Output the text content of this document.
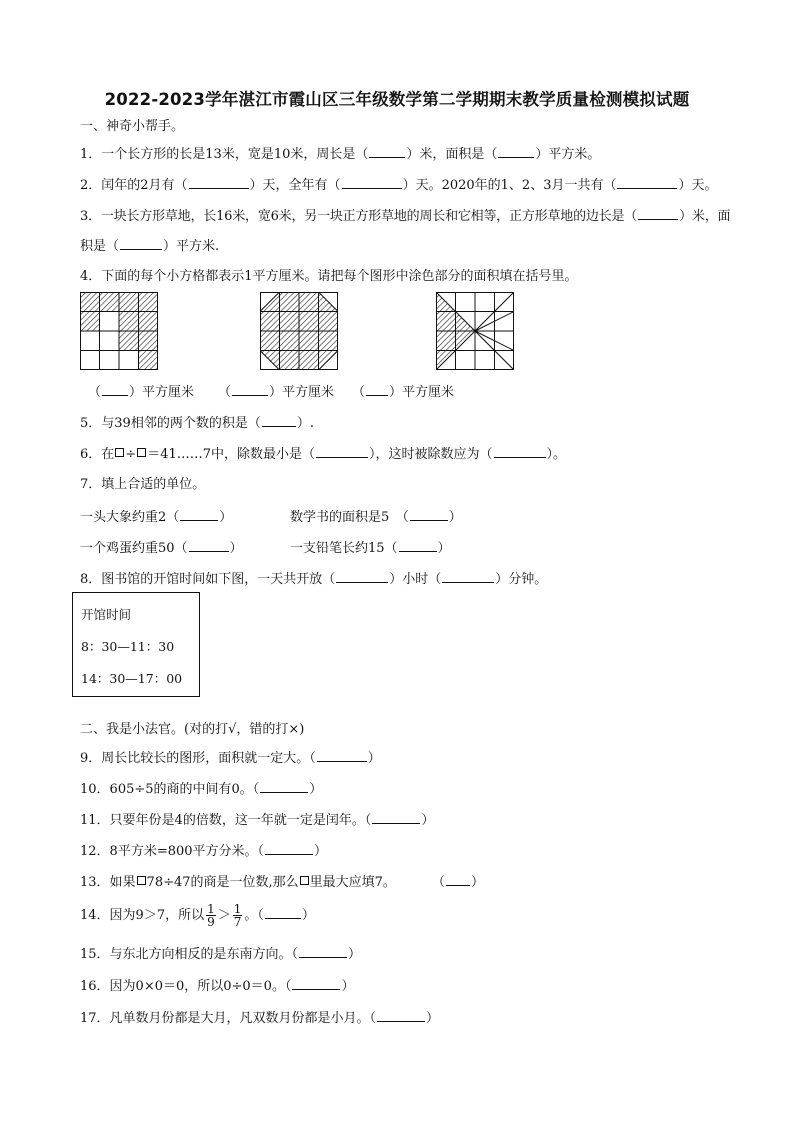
2022-2023学年湛江市霞山区三年级数学第二学期期末教学质量检测模拟试题
一、神奇小帮手。
1．一个长方形的长是13米，宽是10米，周长是（	）米，面积是（	）平方米。
2．闰年的2月有（	）天，全年有（	）天。2020年的1、2、3月一共有（	）天。
3．一块长方形草地，长16米，宽6米，另一块正方形草地的周长和它相等，正方形草地的边长是（	）米，面
积是（	）平方米.
4．下面的每个小方格都表示1平方厘米。请把每个图形中涂色部分的面积填在括号里。
（ ）平方厘米 （	）平方厘米 （ ）平方厘米
5．与39相邻的两个数的积是（	）.
6．在 ÷ ＝41……7中，除数最小是（	），这时被除数应为（	）。
7．填上合适的单位。
一头大象约重2（	）	数学书的面积是5　（	）
一个鸡蛋约重50（	）	一支铅笔长约15（	）
8．图书馆的开馆时间如下图，一天共开放（	）小时（	）分钟。
开馆时间
8：30—11：30
14：30—17：00
二、我是小法官。(对的打√，错的打×)
9．周长比较长的图形，面积就一定大。（	）
10．605÷5的商的中间有0。（	）
11．只要年份是4的倍数，这一年就一定是闰年。（	）
12．8平方米=800平方分米。（	）
13．如果 78÷47的商是一位数,那么 里最大应填7。	（ ）
14．因为9＞7，所以 $\frac{1}{9} > \frac{1}{7}$ 。（	）
15．与东北方向相反的是东南方向。（	）
16．因为0×0＝0，所以0÷0＝0。（	）
17．凡单数月份都是大月，凡双数月份都是小月。（	）
